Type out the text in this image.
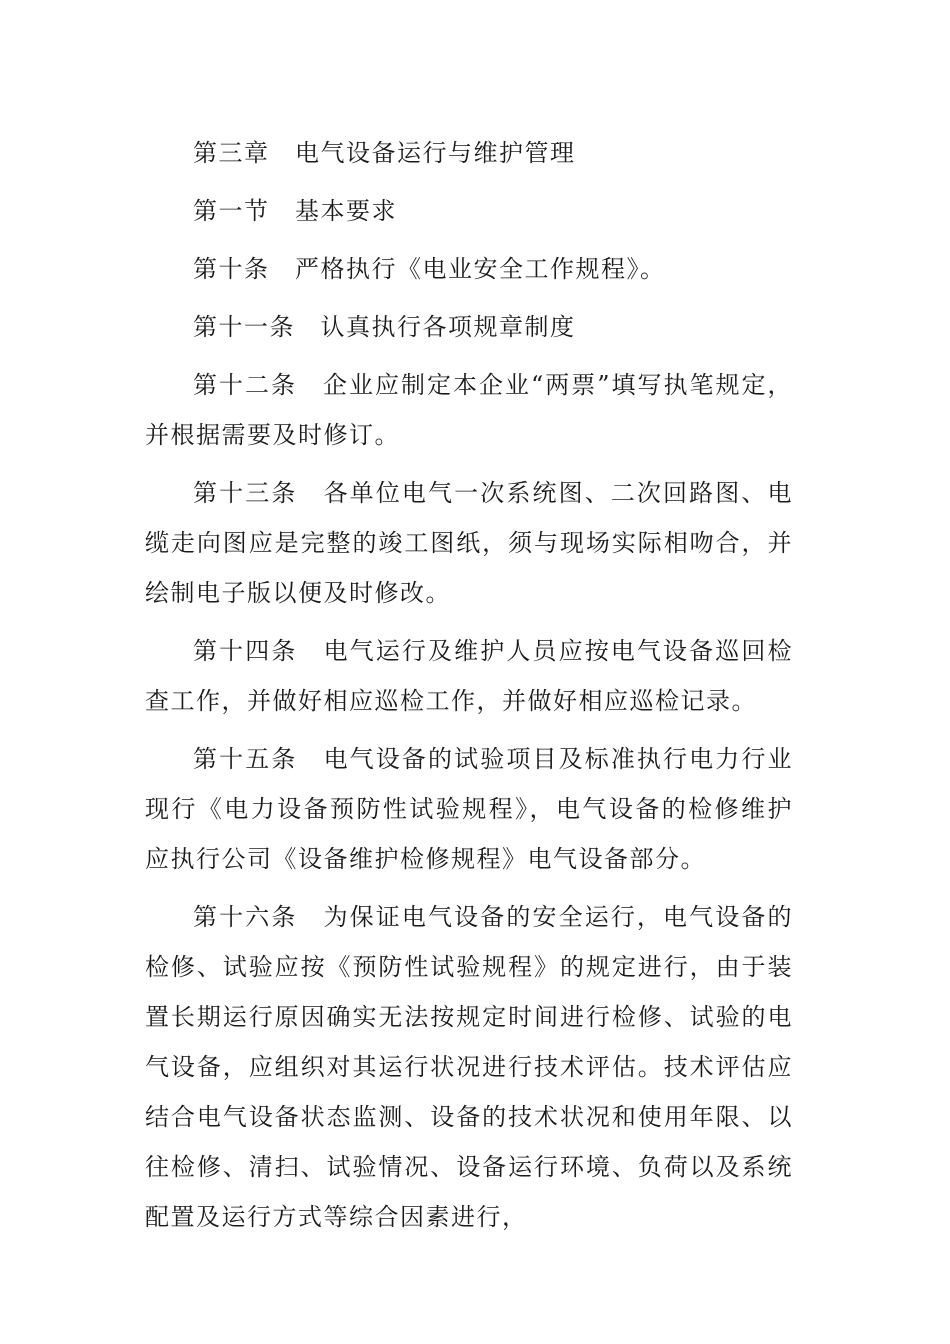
第三章　电气设备运行与维护管理

第一节　基本要求

第十条　严格执行《电业安全工作规程》。

第十一条　认真执行各项规章制度

第十二条　企业应制定本企业“两票”填写执笔规定，并根据需要及时修订。

第十三条　各单位电气一次系统图、二次回路图、电缆走向图应是完整的竣工图纸，须与现场实际相吻合，并绘制电子版以便及时修改。

第十四条　电气运行及维护人员应按电气设备巡回检查工作，并做好相应巡检工作，并做好相应巡检记录。

第十五条　电气设备的试验项目及标准执行电力行业现行《电力设备预防性试验规程》，电气设备的检修维护应执行公司《设备维护检修规程》电气设备部分。

第十六条　为保证电气设备的安全运行，电气设备的检修、试验应按《预防性试验规程》的规定进行，由于装置长期运行原因确实无法按规定时间进行检修、试验的电气设备，应组织对其运行状况进行技术评估。技术评估应结合电气设备状态监测、设备的技术状况和使用年限、以往检修、清扫、试验情况、设备运行环境、负荷以及系统配置及运行方式等综合因素进行，
